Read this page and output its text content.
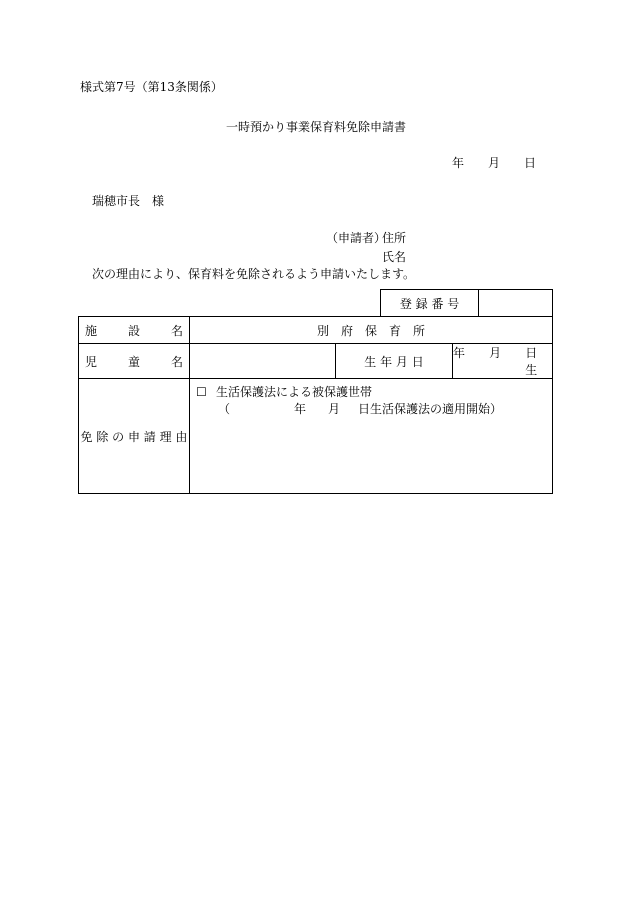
様式第7号（第13条関係）
一時預かり事業保育料免除申請書
年 月 日
瑞穂市長　様
（申請者）
住所
氏名
次の理由により、保育料を免除されるよう申請いたします。
			登 録 番 号		

施 設 名	別　府　保　育　所				

児 童 名		生 年 月 日		年 月 日生	

免 除 の 申 請 理 由	☐ 生活保護法による被保護世帯
（ 年 月 日生活保護法の適用開始）				
